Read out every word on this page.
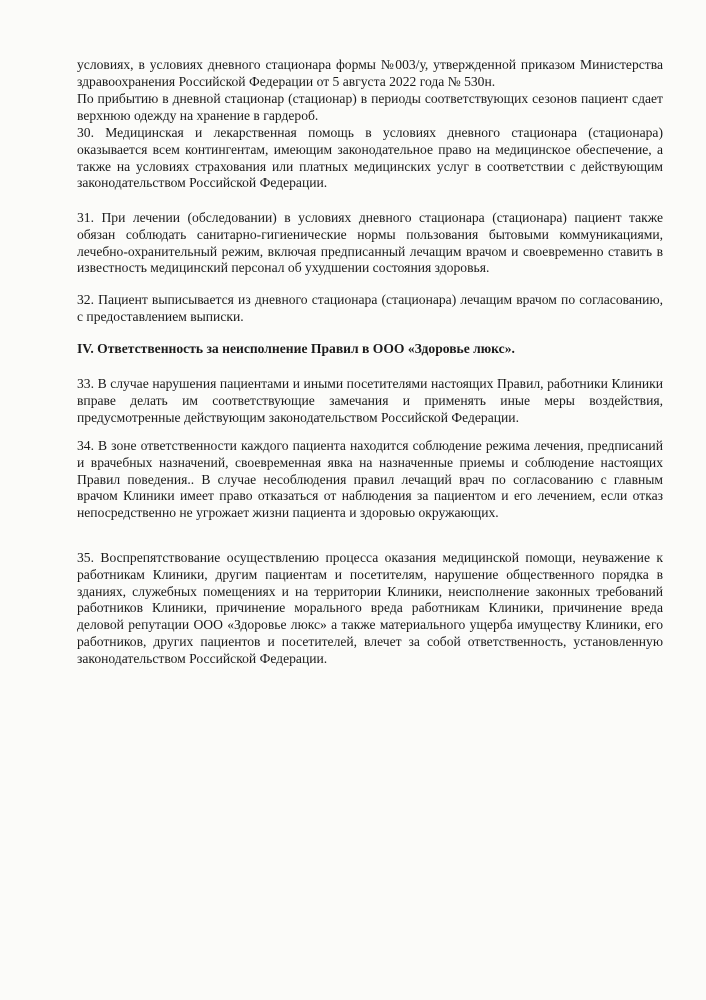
условиях, в условиях дневного стационара формы №003/у, утвержденной приказом Министерства здравоохранения Российской Федерации от 5 августа 2022 года № 530н.

По прибытию в дневной стационар (стационар) в периоды соответствующих сезонов пациент сдает верхнюю одежду на хранение в гардероб.

30. Медицинская и лекарственная помощь в условиях дневного стационара (стационара) оказывается всем контингентам, имеющим законодательное право на медицинское обеспечение, а также на условиях страхования или платных медицинских услуг в соответствии с действующим законодательством Российской Федерации.

31. При лечении (обследовании) в условиях дневного стационара (стационара) пациент также обязан соблюдать санитарно-гигиенические нормы пользования бытовыми коммуникациями, лечебно-охранительный режим, включая предписанный лечащим врачом и своевременно ставить в известность медицинский персонал об ухудшении состояния здоровья.

32. Пациент выписывается из дневного стационара (стационара) лечащим врачом по согласованию, с предоставлением выписки.

IV. Ответственность за неисполнение Правил в ООО «Здоровье люкс».

33. В случае нарушения пациентами и иными посетителями настоящих Правил, работники Клиники вправе делать им соответствующие замечания и применять иные меры воздействия, предусмотренные действующим законодательством Российской Федерации.

34. В зоне ответственности каждого пациента находится соблюдение режима лечения, предписаний и врачебных назначений, своевременная явка на назначенные приемы и соблюдение настоящих Правил поведения.. В случае несоблюдения правил лечащий врач по согласованию с главным врачом Клиники имеет право отказаться от наблюдения за пациентом и его лечением, если отказ непосредственно не угрожает жизни пациента и здоровью окружающих.

35. Воспрепятствование осуществлению процесса оказания медицинской помощи, неуважение к работникам Клиники, другим пациентам и посетителям, нарушение общественного порядка в зданиях, служебных помещениях и на территории Клиники, неисполнение законных требований работников Клиники, причинение морального вреда работникам Клиники, причинение вреда деловой репутации ООО «Здоровье люкс» а также материального ущерба имуществу Клиники, его работников, других пациентов и посетителей, влечет за собой ответственность, установленную законодательством Российской Федерации.
